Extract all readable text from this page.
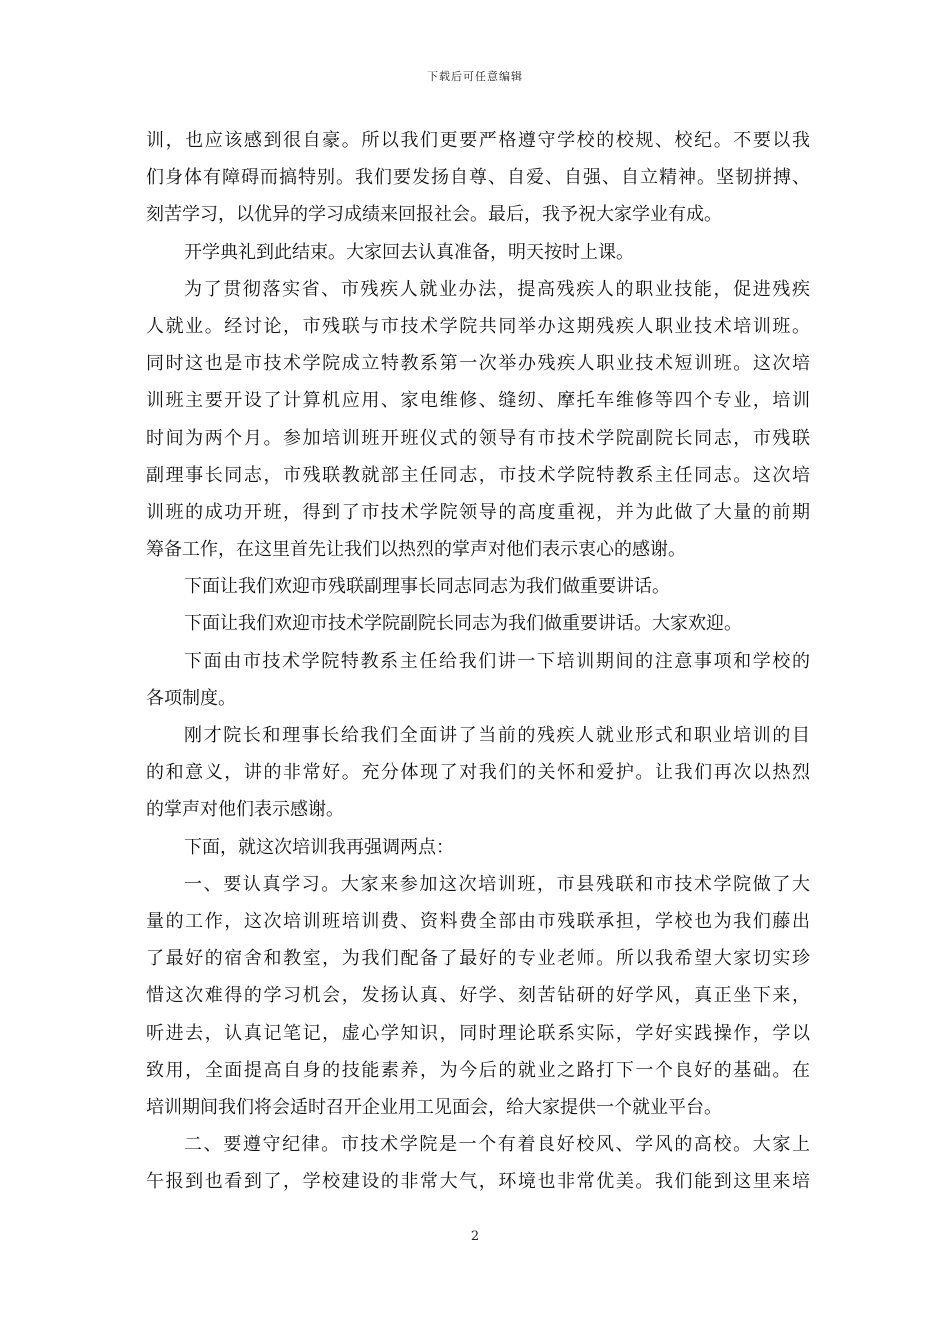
下载后可任意编辑
训，也应该感到很自豪。所以我们更要严格遵守学校的校规、校纪。不要以我
们身体有障碍而搞特别。我们要发扬自尊、自爱、自强、自立精神。坚韧拼搏、
刻苦学习，以优异的学习成绩来回报社会。最后，我予祝大家学业有成。
开学典礼到此结束。大家回去认真准备，明天按时上课。
为了贯彻落实省、市残疾人就业办法，提高残疾人的职业技能，促进残疾
人就业。经讨论，市残联与市技术学院共同举办这期残疾人职业技术培训班。
同时这也是市技术学院成立特教系第一次举办残疾人职业技术短训班。这次培
训班主要开设了计算机应用、家电维修、缝纫、摩托车维修等四个专业，培训
时间为两个月。参加培训班开班仪式的领导有市技术学院副院长同志，市残联
副理事长同志，市残联教就部主任同志，市技术学院特教系主任同志。这次培
训班的成功开班，得到了市技术学院领导的高度重视，并为此做了大量的前期
筹备工作，在这里首先让我们以热烈的掌声对他们表示衷心的感谢。
下面让我们欢迎市残联副理事长同志同志为我们做重要讲话。
下面让我们欢迎市技术学院副院长同志为我们做重要讲话。大家欢迎。
下面由市技术学院特教系主任给我们讲一下培训期间的注意事项和学校的
各项制度。
刚才院长和理事长给我们全面讲了当前的残疾人就业形式和职业培训的目
的和意义，讲的非常好。充分体现了对我们的关怀和爱护。让我们再次以热烈
的掌声对他们表示感谢。
下面，就这次培训我再强调两点：
一、要认真学习。大家来参加这次培训班，市县残联和市技术学院做了大
量的工作，这次培训班培训费、资料费全部由市残联承担，学校也为我们藤出
了最好的宿舍和教室，为我们配备了最好的专业老师。所以我希望大家切实珍
惜这次难得的学习机会，发扬认真、好学、刻苦钻研的好学风，真正坐下来，
听进去，认真记笔记，虚心学知识，同时理论联系实际，学好实践操作，学以
致用，全面提高自身的技能素养，为今后的就业之路打下一个良好的基础。在
培训期间我们将会适时召开企业用工见面会，给大家提供一个就业平台。
二、要遵守纪律。市技术学院是一个有着良好校风、学风的高校。大家上
午报到也看到了，学校建设的非常大气，环境也非常优美。我们能到这里来培
2
